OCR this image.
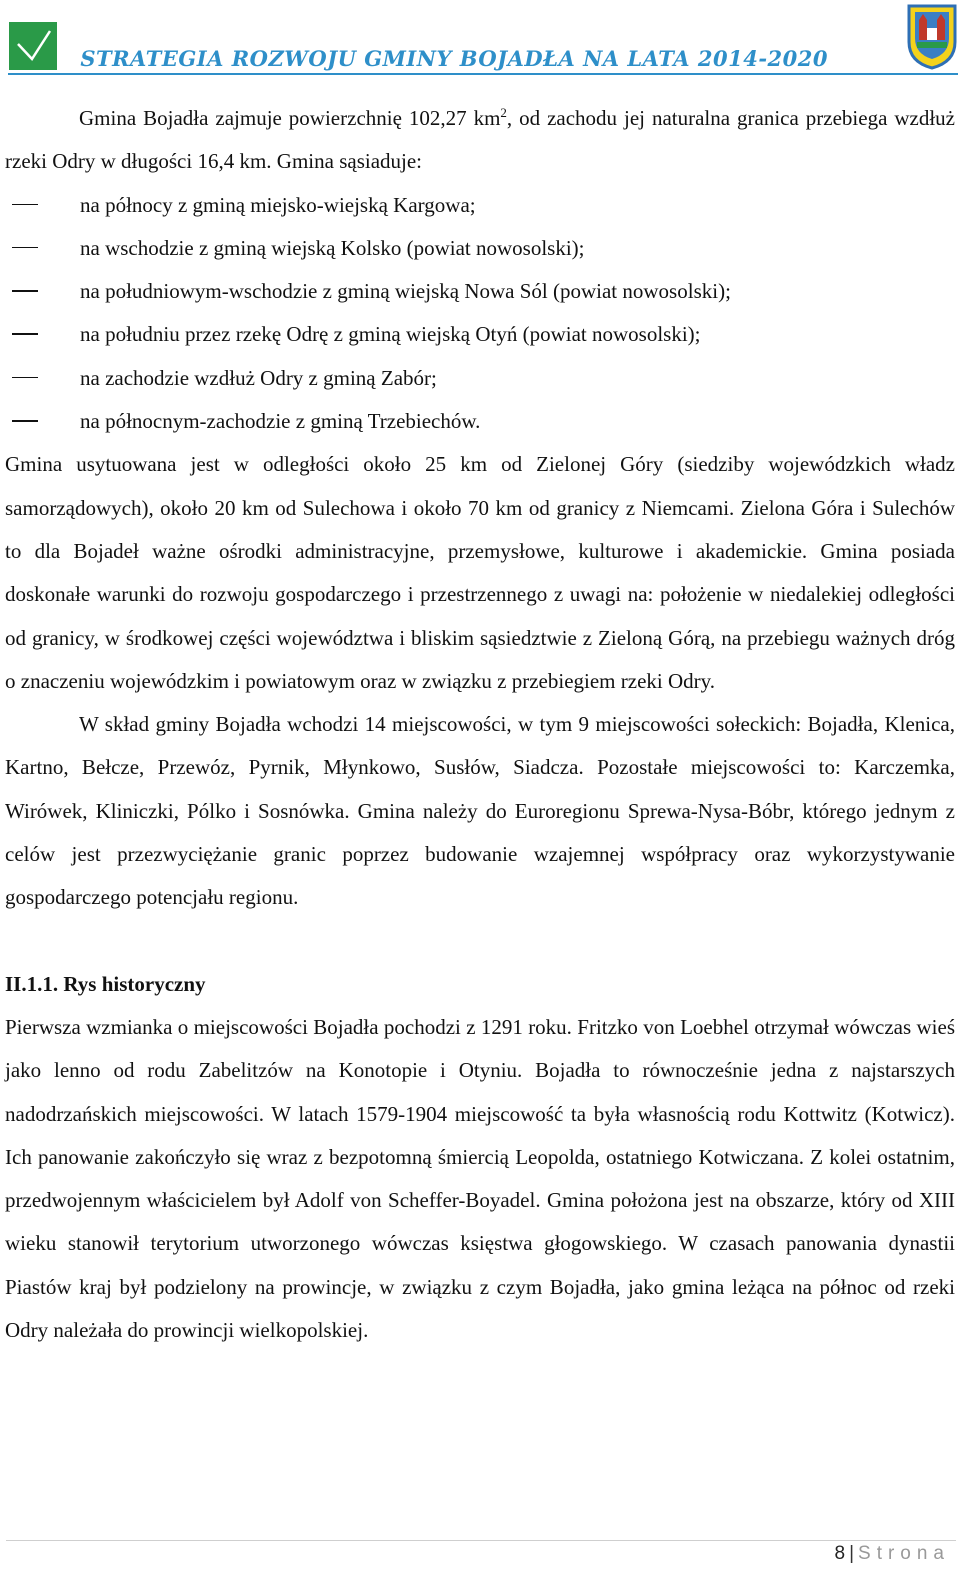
STRATEGIA ROZWOJU GMINY BOJADŁA NA LATA 2014-2020

Gmina Bojadła zajmuje powierzchnię 102,27 $km^2$, od zachodu jej naturalna granica przebiega wzdłuż rzeki Odry w długości 16,4 km. Gmina sąsiaduje:

na północy z gminą miejsko-wiejską Kargowa;
na wschodzie z gminą wiejską Kolsko (powiat nowosolski);
na południowym-wschodzie z gminą wiejską Nowa Sól (powiat nowosolski);
na południu przez rzekę Odrę z gminą wiejską Otyń (powiat nowosolski);
na zachodzie wzdłuż Odry z gminą Zabór;
na północnym-zachodzie z gminą Trzebiechów.

Gmina usytuowana jest w odległości około 25 km od Zielonej Góry (siedziby wojewódzkich władz samorządowych), około 20 km od Sulechowa i około 70 km od granicy z Niemcami. Zielona Góra i Sulechów to dla Bojadeł ważne ośrodki administracyjne, przemysłowe, kulturowe i akademickie. Gmina posiada doskonałe warunki do rozwoju gospodarczego i przestrzennego z uwagi na: położenie w niedalekiej odległości od granicy, w środkowej części województwa i bliskim sąsiedztwie z Zieloną Górą, na przebiegu ważnych dróg o znaczeniu wojewódzkim i powiatowym oraz w związku z przebiegiem rzeki Odry.

W skład gminy Bojadła wchodzi 14 miejscowości, w tym 9 miejscowości sołeckich: Bojadła, Klenica, Kartno, Bełcze, Przewóz, Pyrnik, Młynkowo, Susłów, Siadcza. Pozostałe miejscowości to: Karczemka, Wirówek, Kliniczki, Pólko i Sosnówka. Gmina należy do Euroregionu Sprewa-Nysa-Bóbr, którego jednym z celów jest przezwyciężanie granic poprzez budowanie wzajemnej współpracy oraz wykorzystywanie gospodarczego potencjału regionu.

II.1.1. Rys historyczny

Pierwsza wzmianka o miejscowości Bojadła pochodzi z 1291 roku. Fritzko von Loebhel otrzymał wówczas wieś jako lenno od rodu Zabelitzów na Konotopie i Otyniu. Bojadła to równocześnie jedna z najstarszych nadodrzańskich miejscowości. W latach 1579-1904 miejscowość ta była własnością rodu Kottwitz (Kotwicz). Ich panowanie zakończyło się wraz z bezpotomną śmiercią Leopolda, ostatniego Kotwiczana. Z kolei ostatnim, przedwojennym właścicielem był Adolf von Scheffer-Boyadel. Gmina położona jest na obszarze, który od XIII wieku stanowił terytorium utworzonego wówczas księstwa głogowskiego. W czasach panowania dynastii Piastów kraj był podzielony na prowincje, w związku z czym Bojadła, jako gmina leżąca na północ od rzeki Odry należała do prowincji wielkopolskiej.

8 | Strona
